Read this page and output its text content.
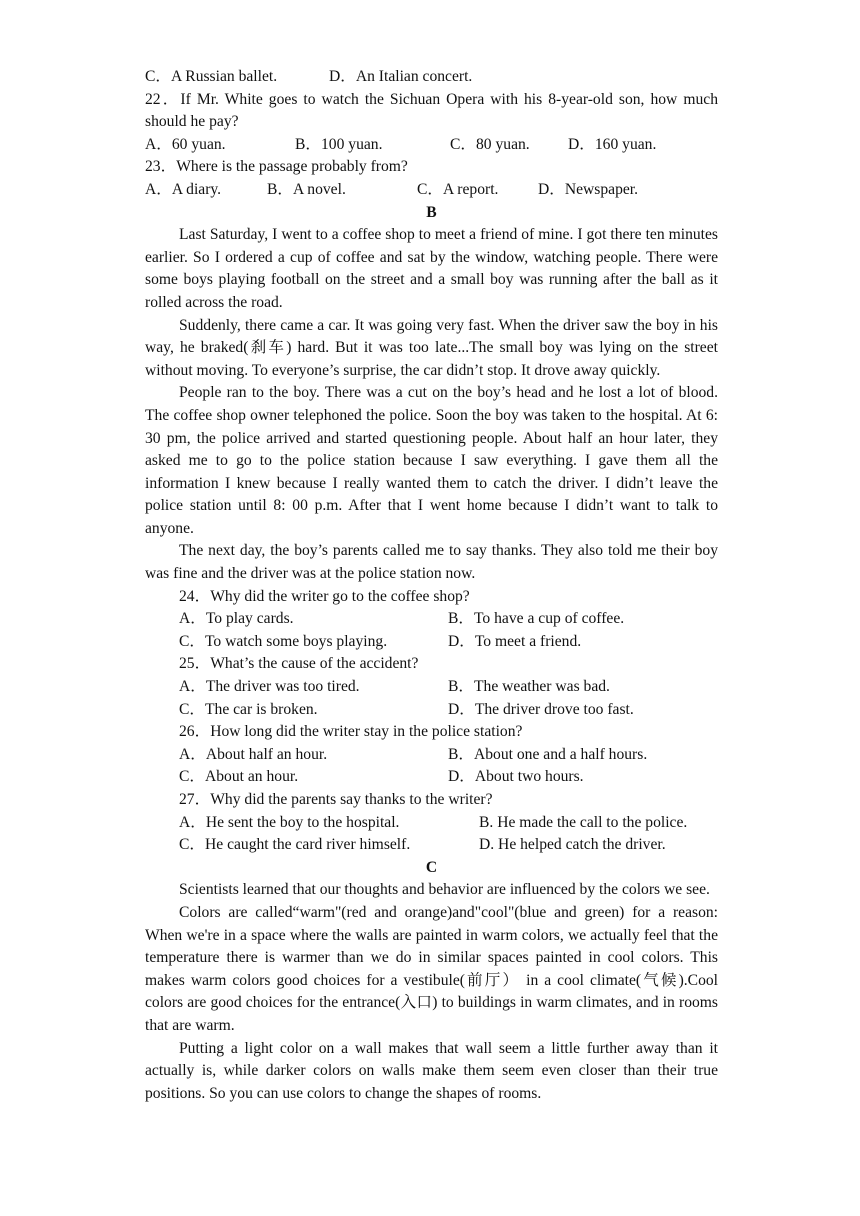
C．A Russian ballet.	D．An Italian concert.
22．If Mr. White goes to watch the Sichuan Opera with his 8-year-old son, how much should he pay?
A．60 yuan.	B．100 yuan.	C．80 yuan.	D．160 yuan.
23．Where is the passage probably from?
A．A diary.	B．A novel.	C．A report.	D．Newspaper.
B
Last Saturday, I went to a coffee shop to meet a friend of mine. I got there ten minutes earlier. So I ordered a cup of coffee and sat by the window, watching people. There were some boys playing football on the street and a small boy was running after the ball as it rolled across the road.
Suddenly, there came a car. It was going very fast. When the driver saw the boy in his way, he braked(刹车) hard. But it was too late...The small boy was lying on the street without moving. To everyone’s surprise, the car didn’t stop. It drove away quickly.
People ran to the boy. There was a cut on the boy’s head and he lost a lot of blood. The coffee shop owner telephoned the police. Soon the boy was taken to the hospital. At 6: 30 pm, the police arrived and started questioning people. About half an hour later, they asked me to go to the police station because I saw everything. I gave them all the information I knew because I really wanted them to catch the driver. I didn’t leave the police station until 8: 00 p.m. After that I went home because I didn’t want to talk to anyone.
The next day, the boy’s parents called me to say thanks. They also told me their boy was fine and the driver was at the police station now.
24．Why did the writer go to the coffee shop?
A．To play cards.	B．To have a cup of coffee.
C．To watch some boys playing.	D．To meet a friend.
25．What’s the cause of the accident?
A．The driver was too tired.	B．The weather was bad.
C．The car is broken.	D．The driver drove too fast.
26．How long did the writer stay in the police station?
A．About half an hour.	B．About one and a half hours.
C．About an hour.	D．About two hours.
27．Why did the parents say thanks to the writer?
A．He sent the boy to the hospital.	B. He made the call to the police.
C．He caught the card river himself.	D. He helped catch the driver.
C
Scientists learned that our thoughts and behavior are influenced by the colors we see.
Colors are called“warm"(red and orange)and"cool"(blue and green) for a reason: When we're in a space where the walls are painted in warm colors, we actually feel that the temperature there is warmer than we do in similar spaces painted in cool colors. This makes warm colors good choices for a vestibule(前厅） in a cool climate(气候).Cool colors are good choices for the entrance(入口) to buildings in warm climates, and in rooms that are warm.
Putting a light color on a wall makes that wall seem a little further away than it actually is, while darker colors on walls make them seem even closer than their true positions. So you can use colors to change the shapes of rooms.
